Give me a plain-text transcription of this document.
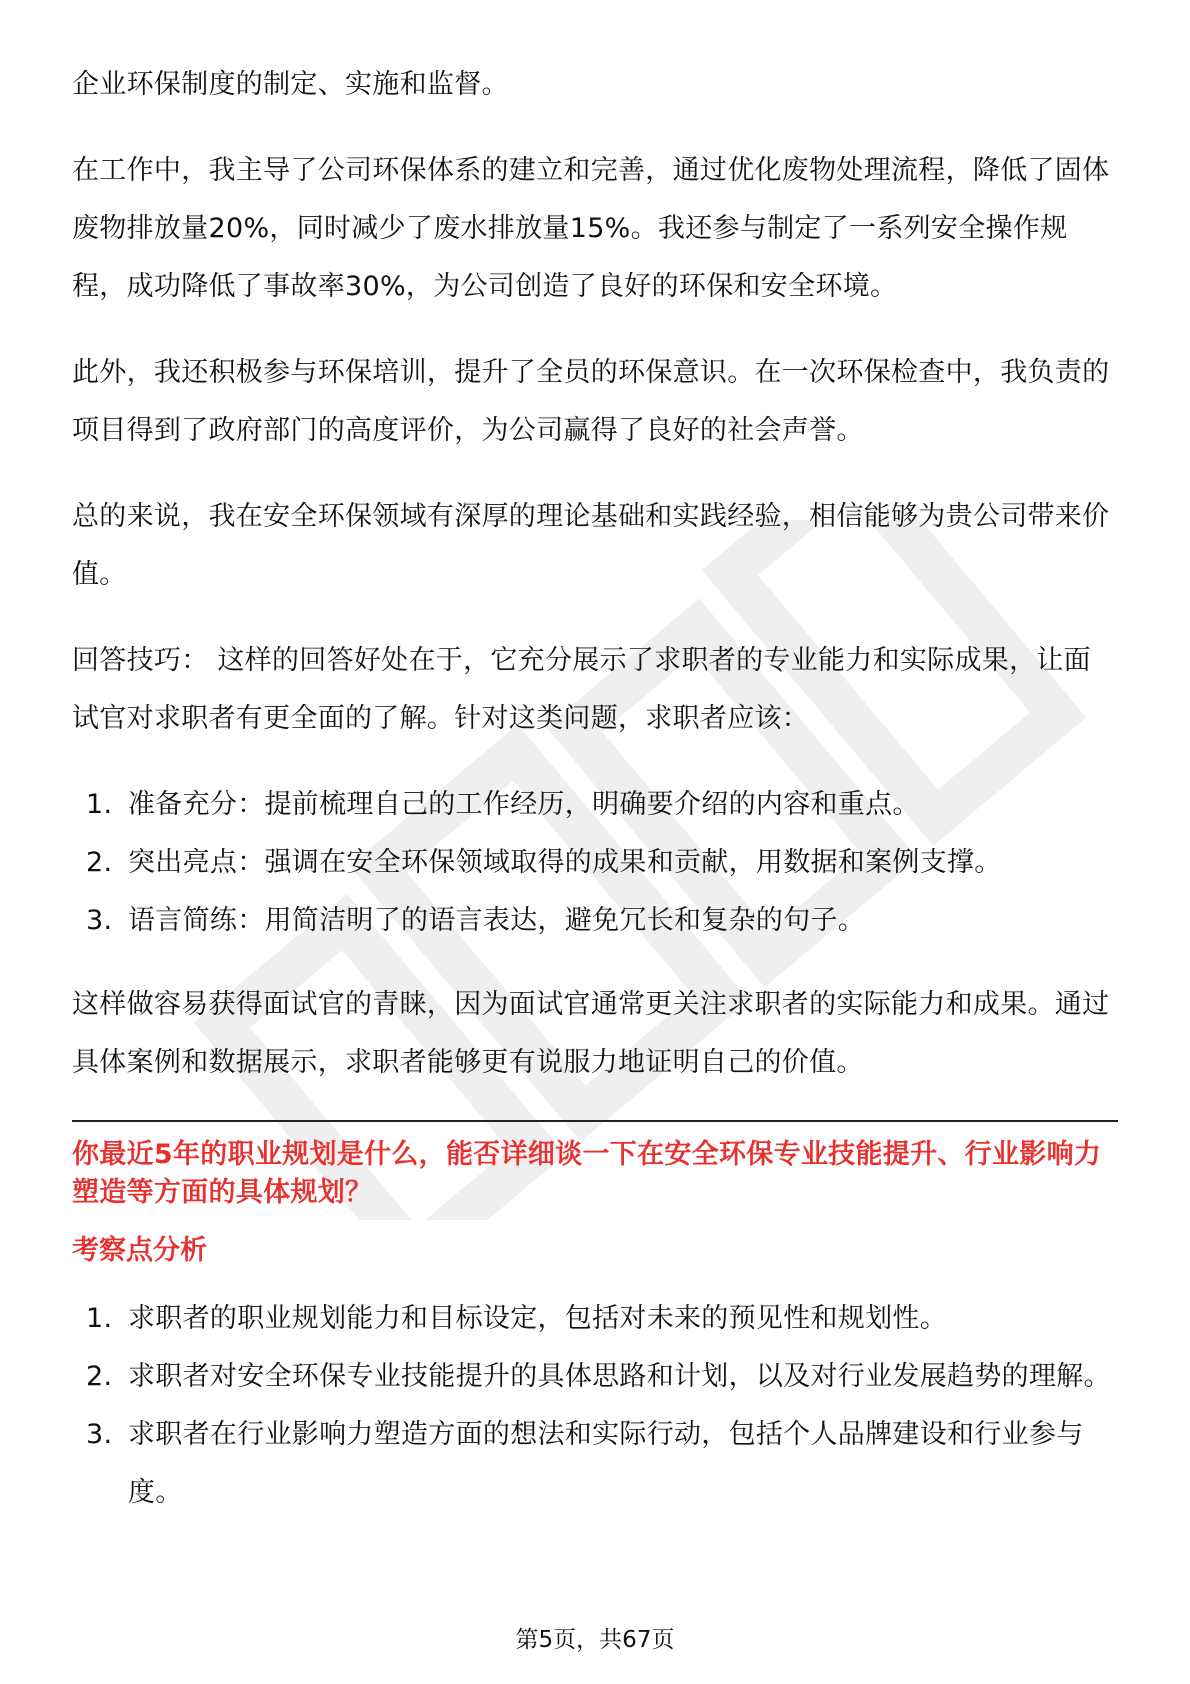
企业环保制度的制定、实施和监督。

在工作中，我主导了公司环保体系的建立和完善，通过优化废物处理流程，降低了固体废物排放量20%，同时减少了废水排放量15%。我还参与制定了一系列安全操作规程，成功降低了事故率30%，为公司创造了良好的环保和安全环境。

此外，我还积极参与环保培训，提升了全员的环保意识。在一次环保检查中，我负责的项目得到了政府部门的高度评价，为公司赢得了良好的社会声誉。

总的来说，我在安全环保领域有深厚的理论基础和实践经验，相信能够为贵公司带来价值。

回答技巧： 这样的回答好处在于，它充分展示了求职者的专业能力和实际成果，让面试官对求职者有更全面的了解。针对这类问题，求职者应该：

1. 准备充分：提前梳理自己的工作经历，明确要介绍的内容和重点。
2. 突出亮点：强调在安全环保领域取得的成果和贡献，用数据和案例支撑。
3. 语言简练：用简洁明了的语言表达，避免冗长和复杂的句子。

这样做容易获得面试官的青睐，因为面试官通常更关注求职者的实际能力和成果。通过具体案例和数据展示，求职者能够更有说服力地证明自己的价值。

你最近5年的职业规划是什么，能否详细谈一下在安全环保专业技能提升、行业影响力塑造等方面的具体规划？

考察点分析

1. 求职者的职业规划能力和目标设定，包括对未来的预见性和规划性。
2. 求职者对安全环保专业技能提升的具体思路和计划，以及对行业发展趋势的理解。
3. 求职者在行业影响力塑造方面的想法和实际行动，包括个人品牌建设和行业参与度。
第5页，共67页
